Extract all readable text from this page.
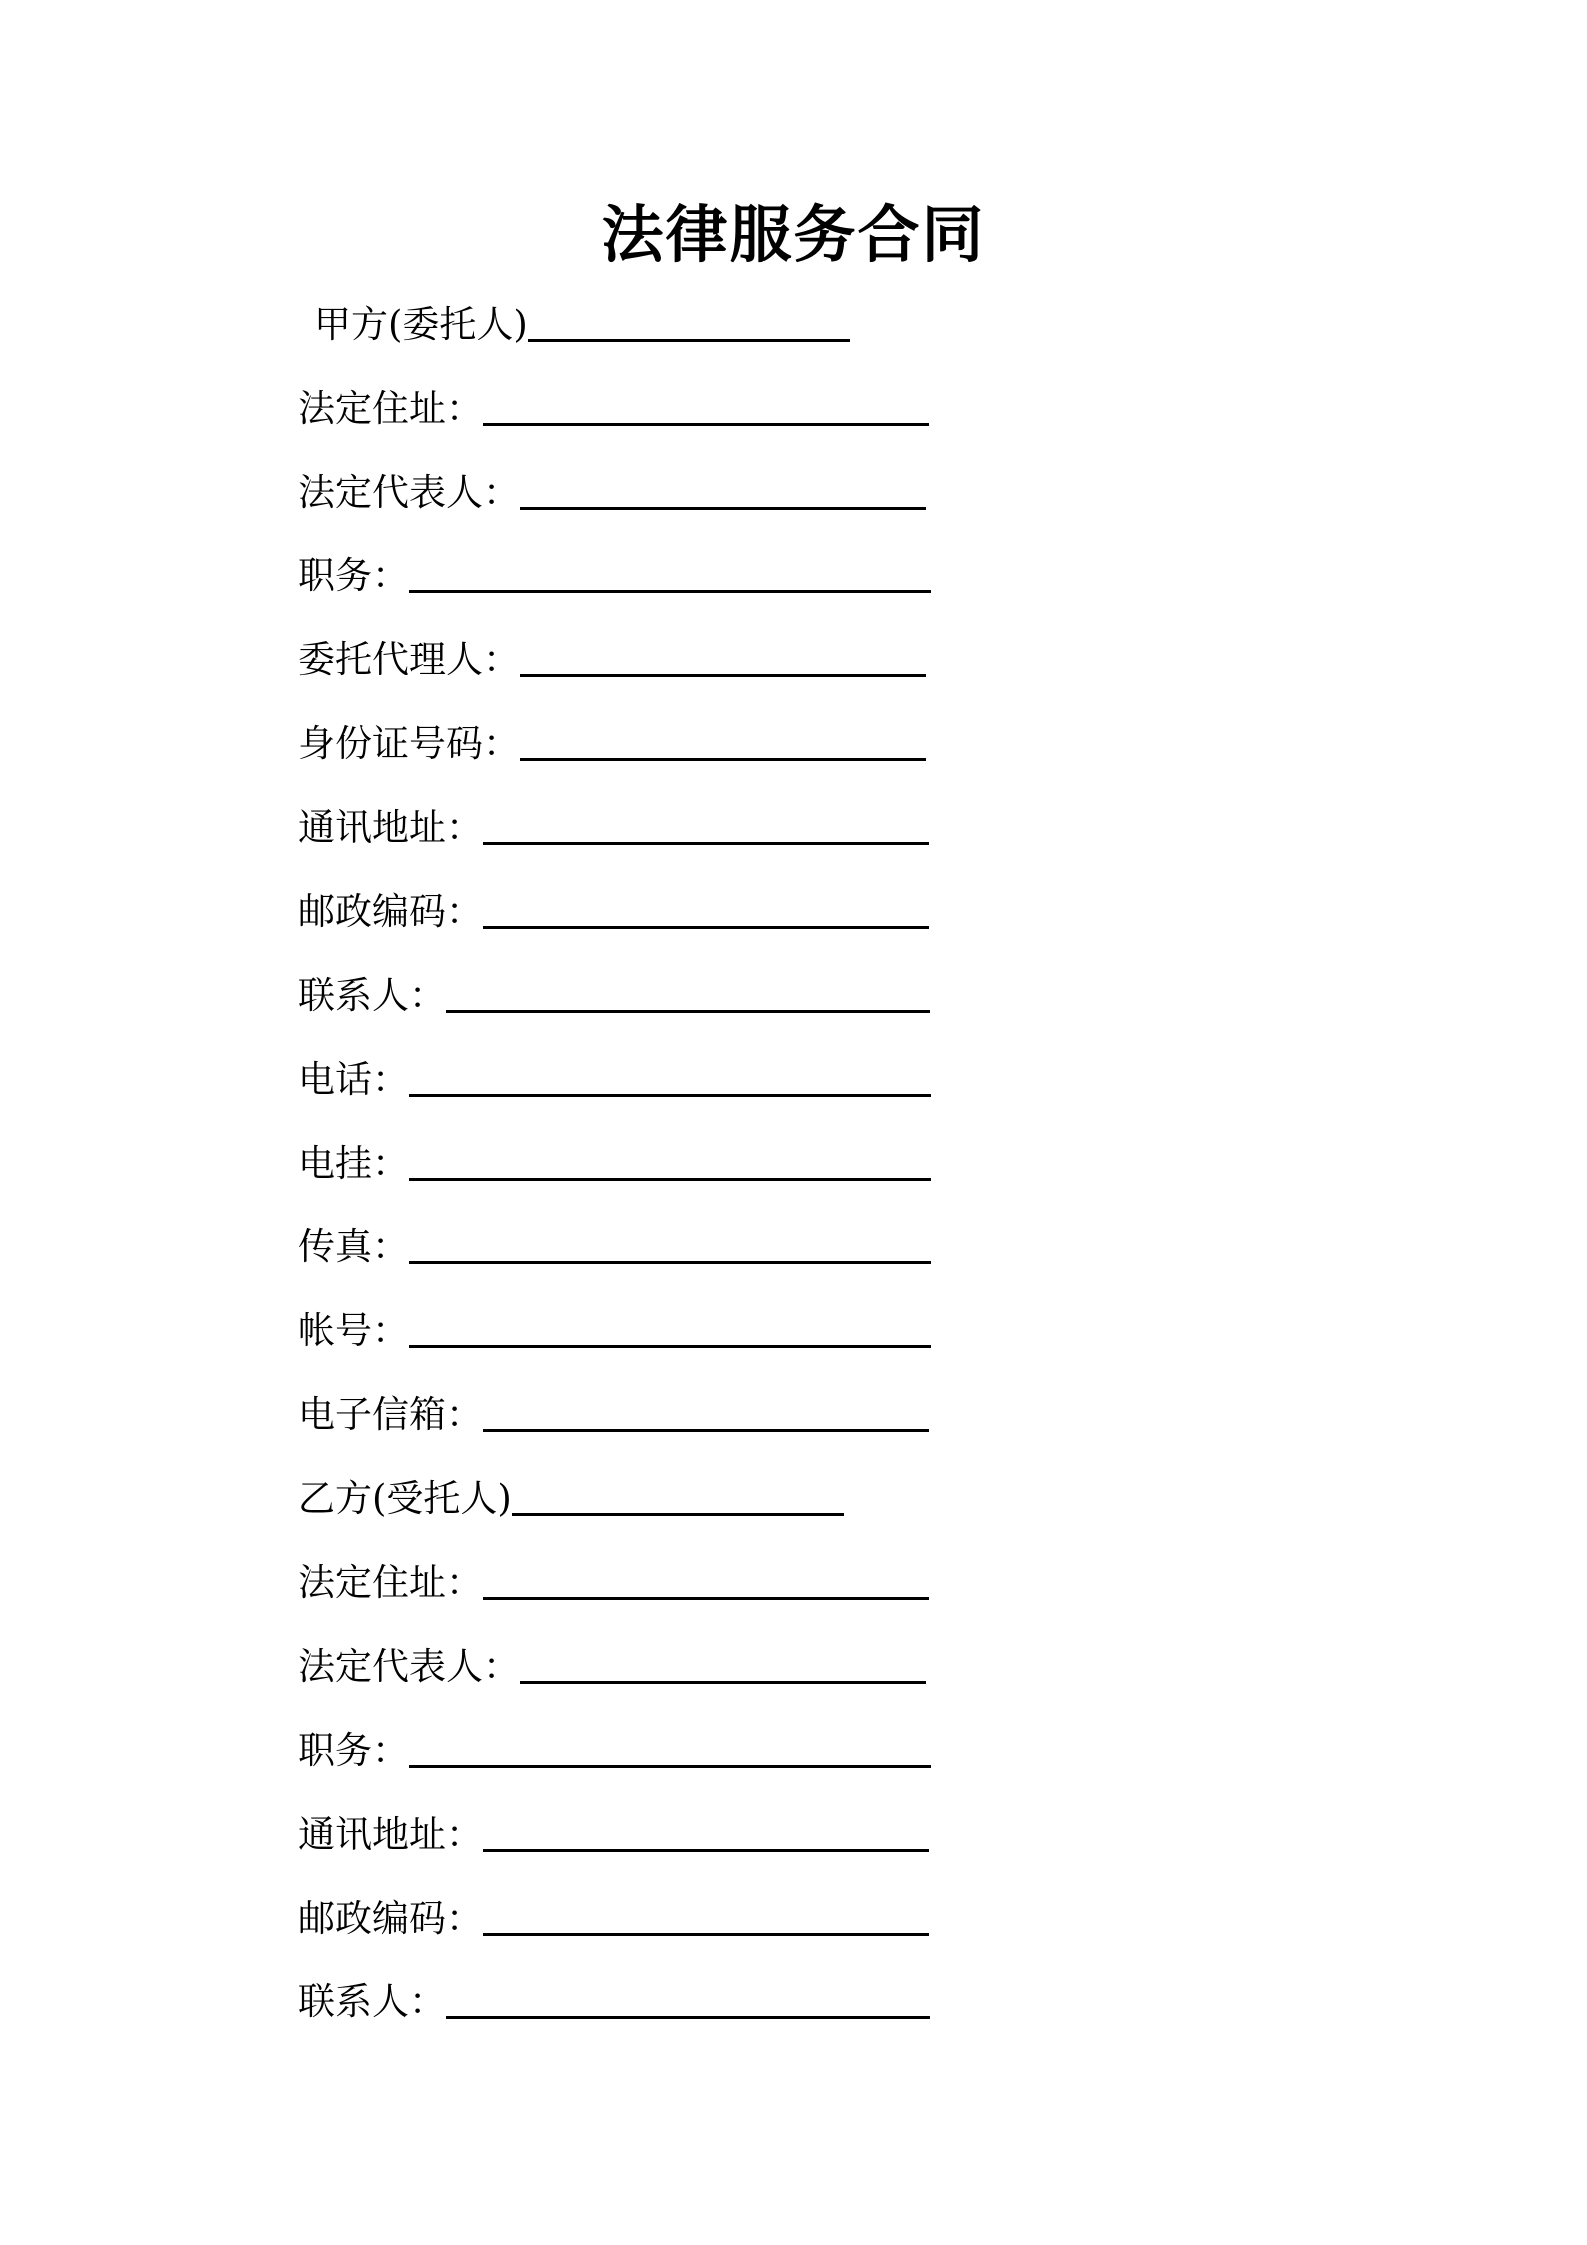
法律服务合同
甲方(委托人)
法定住址：
法定代表人：
职务：
委托代理人：
身份证号码：
通讯地址：
邮政编码：
联系人：
电话：
电挂：
传真：
帐号：
电子信箱：
乙方(受托人)
法定住址：
法定代表人：
职务：
通讯地址：
邮政编码：
联系人：
